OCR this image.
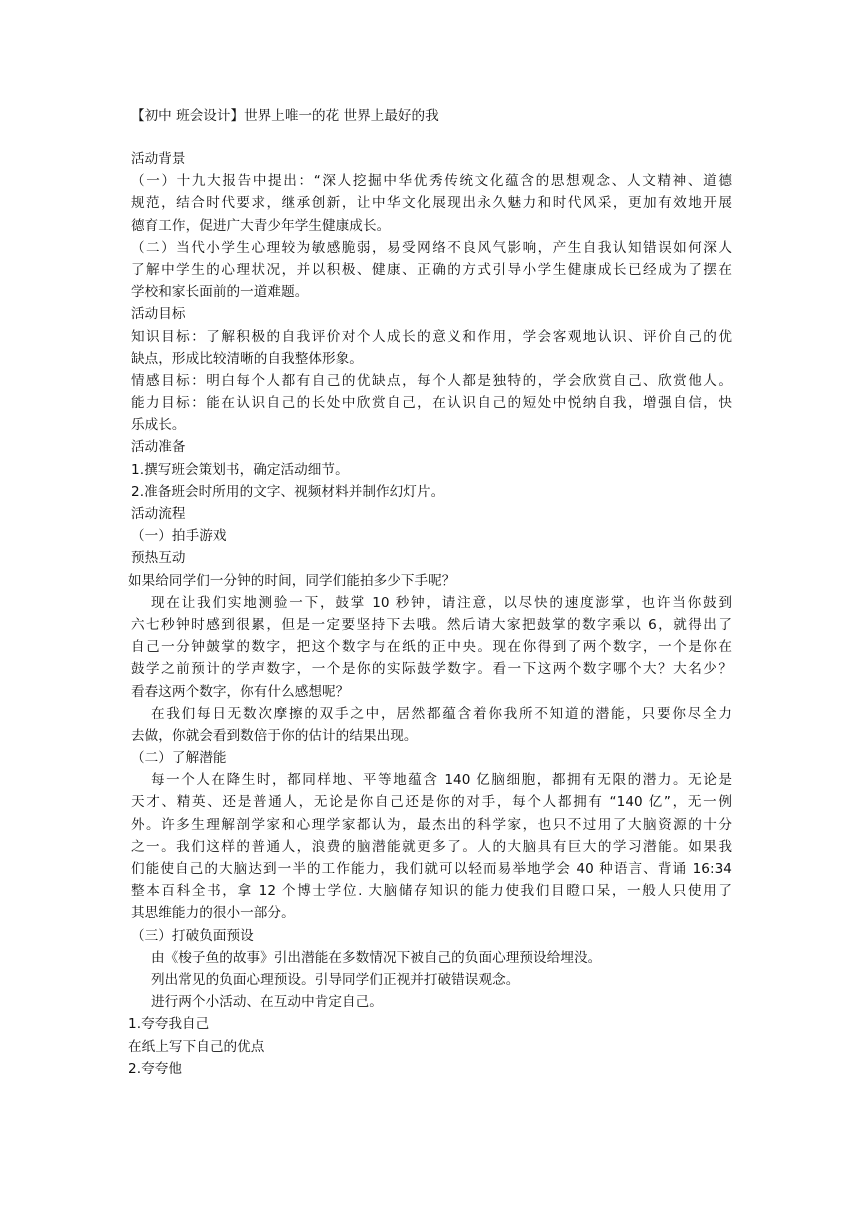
【初中 班会设计】世界上唯一的花 世界上最好的我
活动背景
（一）十九大报告中提出：“深人挖掘中华优秀传统文化蕴含的思想观念、人文精神、道德
规范，结合时代要求，继承创新，让中华文化展现出永久魅力和时代风采，更加有效地开展
德育工作，促进广大青少年学生健康成长。
（二）当代小学生心理较为敏感脆弱，易受网络不良风气影响，产生自我认知错误如何深人
了解中学生的心理状况，并以积极、健康、正确的方式引导小学生健康成长已经成为了摆在
学校和家长面前的一道难题。
活动目标
知识目标：了解积极的自我评价对个人成长的意义和作用，学会客观地认识、评价自己的优
缺点，形成比较清晰的自我整体形象。
情感目标：明白每个人都有自己的优缺点，每个人都是独特的，学会欣赏自己、欣赏他人。
能力目标：能在认识自己的长处中欣赏自己，在认识自己的短处中悦纳自我，增强自信，快
乐成长。
活动准备
1.撰写班会策划书，确定活动细节。
2.准备班会时所用的文字、视频材料并制作幻灯片。
活动流程
（一）拍手游戏
预热互动
如果给同学们一分钟的时间，同学们能拍多少下手呢？
现在让我们实地测验一下，鼓掌 10 秒钟，请注意，以尽快的速度澎掌，也许当你鼓到
六七秒钟时感到很累，但是一定要坚持下去哦。然后请大家把鼓掌的数字乘以 6，就得出了
自己一分钟皷掌的数字，把这个数字与在纸的正中央。现在你得到了两个数字，一个是你在
鼓学之前预计的学声数字，一个是你的实际鼓学数字。看一下这两个数字哪个大？大名少？
看春这两个数字，你有什么感想呢？
在我们每日无数次摩擦的双手之中，居然都蕴含着你我所不知道的潜能，只要你尽全力
去做，你就会看到数倍于你的估计的结果出现。
（二）了解潜能
每一个人在降生时，都同样地、平等地蕴含 140 亿脑细胞，都拥有无限的潜力。无论是
天才、精英、还是普通人，无论是你自己还是你的对手，每个人都拥有 “140 亿”，无一例
外。许多生理解剖学家和心理学家都认为，最杰出的科学家，也只不过用了大脑资源的十分
之一。我们这样的普通人，浪费的脑潜能就更多了。人的大脑具有巨大的学习潜能。如果我
们能使自己的大脑达到一半的工作能力，我们就可以轻而易举地学会 40 种语言、背诵 16:34
整本百科全书，拿 12 个博士学位. 大脑储存知识的能力使我们目瞪口呆，一般人只使用了
其思维能力的很小一部分。
（三）打破负面预设
由《梭子鱼的故事》引出潜能在多数情况下被自己的负面心理预设给埋没。
列出常见的负面心理预设。引导同学们正视并打破错误观念。
进行两个小活动、在互动中肯定自己。
1.夸夸我自己
在纸上写下自己的优点
2.夸夸他
